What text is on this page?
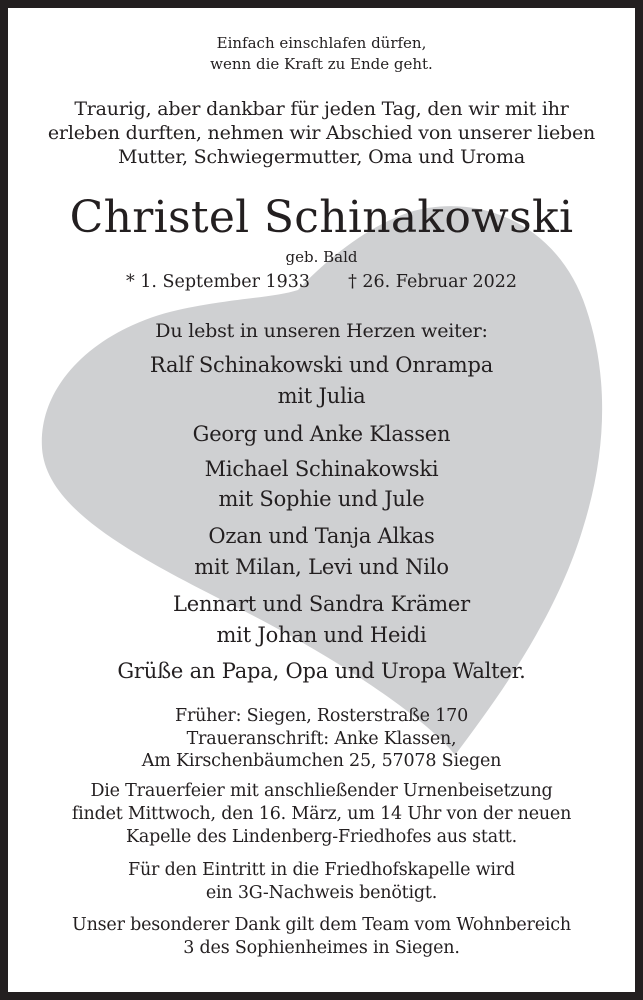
Einfach einschlafen dürfen,
wenn die Kraft zu Ende geht.
Traurig, aber dankbar für jeden Tag, den wir mit ihr
erleben durften, nehmen wir Abschied von unserer lieben
Mutter, Schwiegermutter, Oma und Uroma
Christel Schinakowski
geb. Bald
* 1. September 1933 † 26. Februar 2022
Du lebst in unseren Herzen weiter:
Ralf Schinakowski und Onrampa
mit Julia
Georg und Anke Klassen
Michael Schinakowski
mit Sophie und Jule
Ozan und Tanja Alkas
mit Milan, Levi und Nilo
Lennart und Sandra Krämer
mit Johan und Heidi
Grüße an Papa, Opa und Uropa Walter.
Früher: Siegen, Rosterstraße 170
Traueranschrift: Anke Klassen,
Am Kirschenbäumchen 25, 57078 Siegen
Die Trauerfeier mit anschließender Urnenbeisetzung
findet Mittwoch, den 16. März, um 14 Uhr von der neuen
Kapelle des Lindenberg-Friedhofes aus statt.
Für den Eintritt in die Friedhofskapelle wird
ein 3G-Nachweis benötigt.
Unser besonderer Dank gilt dem Team vom Wohnbereich
3 des Sophienheimes in Siegen.
